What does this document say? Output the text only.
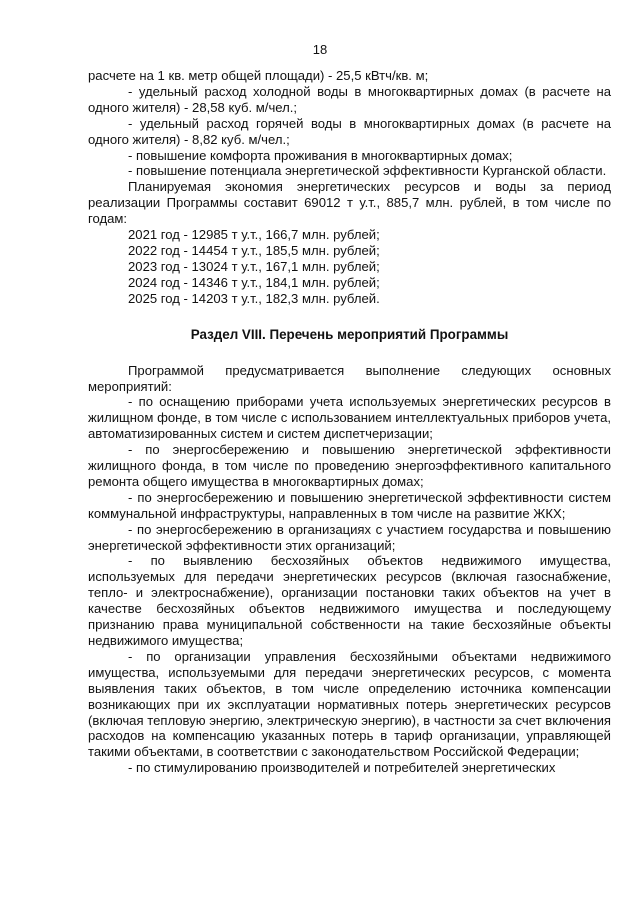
18

расчете на 1 кв. метр общей площади) - 25,5 кВтч/кв. м;

- удельный расход холодной воды в многоквартирных домах (в расчете на одного жителя) - 28,58 куб. м/чел.;

- удельный расход горячей воды в многоквартирных домах (в расчете на одного жителя) - 8,82 куб. м/чел.;

- повышение комфорта проживания в многоквартирных домах;

- повышение потенциала энергетической эффективности Курганской области.

Планируемая экономия энергетических ресурсов и воды за период реализации Программы составит 69012 т у.т., 885,7 млн. рублей, в том числе по годам:

2021 год - 12985 т у.т., 166,7 млн. рублей;
2022 год - 14454 т у.т., 185,5 млн. рублей;
2023 год - 13024 т у.т., 167,1 млн. рублей;
2024 год - 14346 т у.т., 184,1 млн. рублей;
2025 год - 14203 т у.т., 182,3 млн. рублей.
Раздел VIII. Перечень мероприятий Программы

Программой предусматривается выполнение следующих основных мероприятий:

- по оснащению приборами учета используемых энергетических ресурсов в жилищном фонде, в том числе с использованием интеллектуальных приборов учета, автоматизированных систем и систем диспетчеризации;

- по энергосбережению и повышению энергетической эффективности жилищного фонда, в том числе по проведению энергоэффективного капитального ремонта общего имущества в многоквартирных домах;

- по энергосбережению и повышению энергетической эффективности систем коммунальной инфраструктуры, направленных в том числе на развитие ЖКХ;

- по энергосбережению в организациях с участием государства и повышению энергетической эффективности этих организаций;

- по выявлению бесхозяйных объектов недвижимого имущества, используемых для передачи энергетических ресурсов (включая газоснабжение, тепло- и электроснабжение), организации постановки таких объектов на учет в качестве бесхозяйных объектов недвижимого имущества и последующему признанию права муниципальной собственности на такие бесхозяйные объекты недвижимого имущества;

- по организации управления бесхозяйными объектами недвижимого имущества, используемыми для передачи энергетических ресурсов, с момента выявления таких объектов, в том числе определению источника компенсации возникающих при их эксплуатации нормативных потерь энергетических ресурсов (включая тепловую энергию, электрическую энергию), в частности за счет включения расходов на компенсацию указанных потерь в тариф организации, управляющей такими объектами, в соответствии с законодательством Российской Федерации;

- по стимулированию производителей и потребителей энергетических
